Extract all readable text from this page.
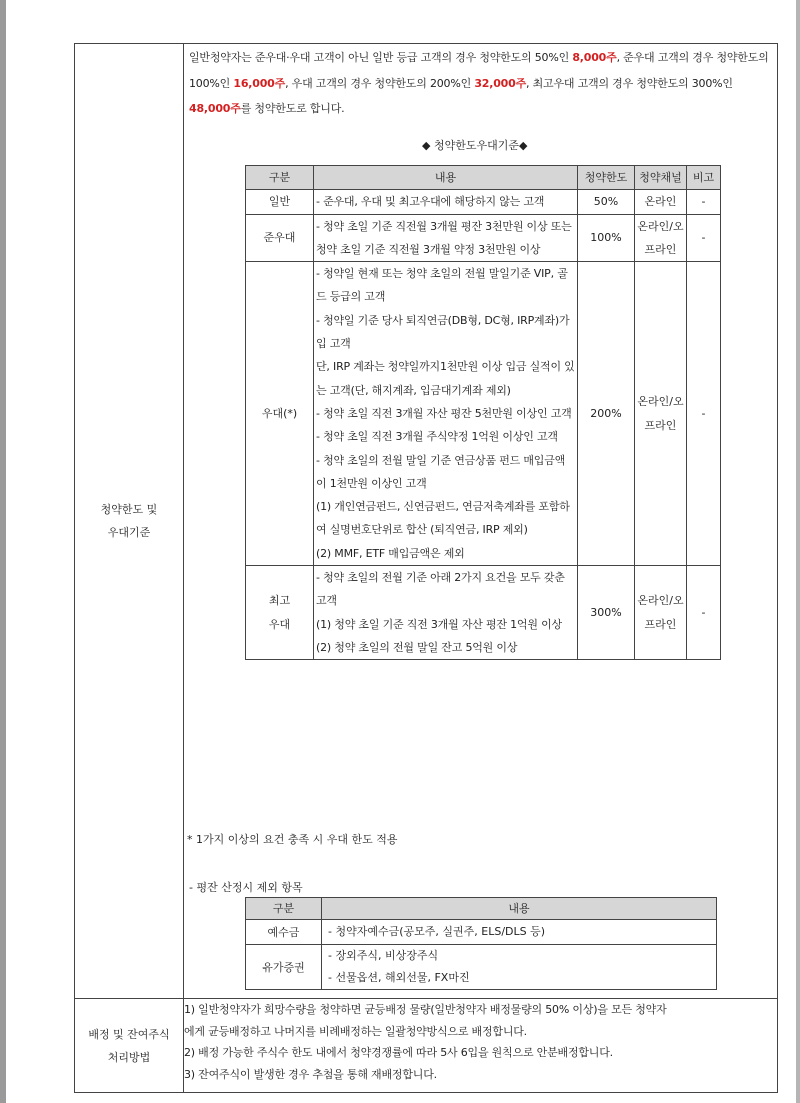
청약한도 및
우대기준

일반청약자는 준우대·우대 고객이 아닌 일반 등급 고객의 경우 청약한도의 50%인 8,000주, 준우대 고객의 경우 청약한도의 100%인 16,000주, 우대 고객의 경우 청약한도의 200%인 32,000주, 최고우대 고객의 경우 청약한도의 300%인 48,000주를 청약한도로 합니다.
◆ 청약한도우대기준◆
구분	내용	청약한도	청약채널	비고
일반	- 준우대, 우대 및 최고우대에 해당하지 않는 고객	50%	온라인	-
준우대	- 청약 초일 기준 직전월 3개월 평잔 3천만원 이상 또는 청약 초일 기준 직전월 3개월 약정 3천만원 이상	100%	온라인/오프라인	-
우대(*)	- 청약일 현재 또는 청약 초일의 전월 말일기준 VIP, 골드 등급의 고객
- 청약일 기준 당사 퇴직연금(DB형, DC형, IRP계좌)가입 고객
단, IRP 계좌는 청약일까지1천만원 이상 입금 실적이 있는 고객(단, 해지계좌, 입금대기계좌 제외)
- 청약 초일 직전 3개월 자산 평잔 5천만원 이상인 고객
- 청약 초일 직전 3개월 주식약정 1억원 이상인 고객
- 청약 초일의 전월 말일 기준 연금상품 펀드 매입금액이 1천만원 이상인 고객
(1) 개인연금펀드, 신연금펀드, 연금저축계좌를 포함하여 실명번호단위로 합산 (퇴직연금, IRP 제외)
(2) MMF, ETF 매입금액은 제외	200%	온라인/오프라인	-
최고
우대	- 청약 초일의 전월 기준 아래 2가지 요건을 모두 갖춘 고객
(1) 청약 초일 기준 직전 3개월 자산 평잔 1억원 이상
(2) 청약 초일의 전월 말일 잔고 5억원 이상	300%	온라인/오프라인	-
* 1가지 이상의 요건 충족 시 우대 한도 적용
- 평잔 산정시 제외 항목
구분	내용
예수금	- 청약자예수금(공모주, 실권주, ELS/DLS 등)
유가증권	- 장외주식, 비상장주식
- 선물옵션, 해외선물, FX마진

배정 및 잔여주식
처리방법

1) 일반청약자가 희망수량을 청약하면 균등배정 물량(일반청약자 배정물량의 50% 이상)을 모든 청약자
에게 균등배정하고 나머지를 비례배정하는 일괄청약방식으로 배정합니다.
2) 배정 가능한 주식수 한도 내에서 청약경쟁률에 따라 5사 6입을 원칙으로 안분배정합니다.
3) 잔여주식이 발생한 경우 추첨을 통해 재배정합니다.
